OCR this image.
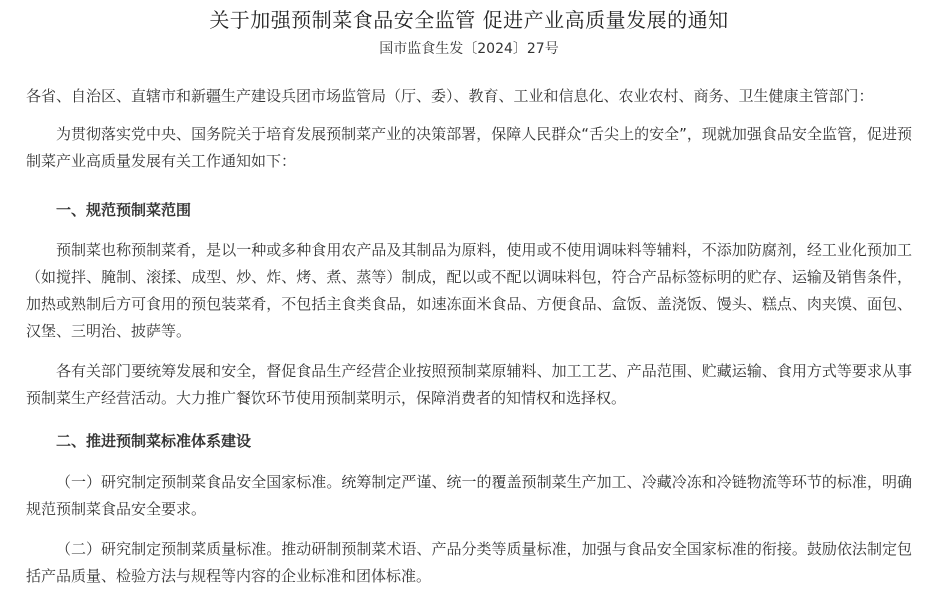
关于加强预制菜食品安全监管 促进产业高质量发展的通知
国市监食生发〔2024〕27号

各省、自治区、直辖市和新疆生产建设兵团市场监管局（厅、委）、教育、工业和信息化、农业农村、商务、卫生健康主管部门：

为贯彻落实党中央、国务院关于培育发展预制菜产业的决策部署，保障人民群众“舌尖上的安全”，现就加强食品安全监管，促进预制菜产业高质量发展有关工作通知如下：

一、规范预制菜范围

预制菜也称预制菜肴，是以一种或多种食用农产品及其制品为原料，使用或不使用调味料等辅料，不添加防腐剂，经工业化预加工（如搅拌、腌制、滚揉、成型、炒、炸、烤、煮、蒸等）制成，配以或不配以调味料包，符合产品标签标明的贮存、运输及销售条件，加热或熟制后方可食用的预包装菜肴，不包括主食类食品，如速冻面米食品、方便食品、盒饭、盖浇饭、馒头、糕点、肉夹馍、面包、汉堡、三明治、披萨等。

各有关部门要统筹发展和安全，督促食品生产经营企业按照预制菜原辅料、加工工艺、产品范围、贮藏运输、食用方式等要求从事预制菜生产经营活动。大力推广餐饮环节使用预制菜明示，保障消费者的知情权和选择权。

二、推进预制菜标准体系建设

（一）研究制定预制菜食品安全国家标准。统筹制定严谨、统一的覆盖预制菜生产加工、冷藏冷冻和冷链物流等环节的标准，明确规范预制菜食品安全要求。

（二）研究制定预制菜质量标准。推动研制预制菜术语、产品分类等质量标准，加强与食品安全国家标准的衔接。鼓励依法制定包括产品质量、检验方法与规程等内容的企业标准和团体标准。
